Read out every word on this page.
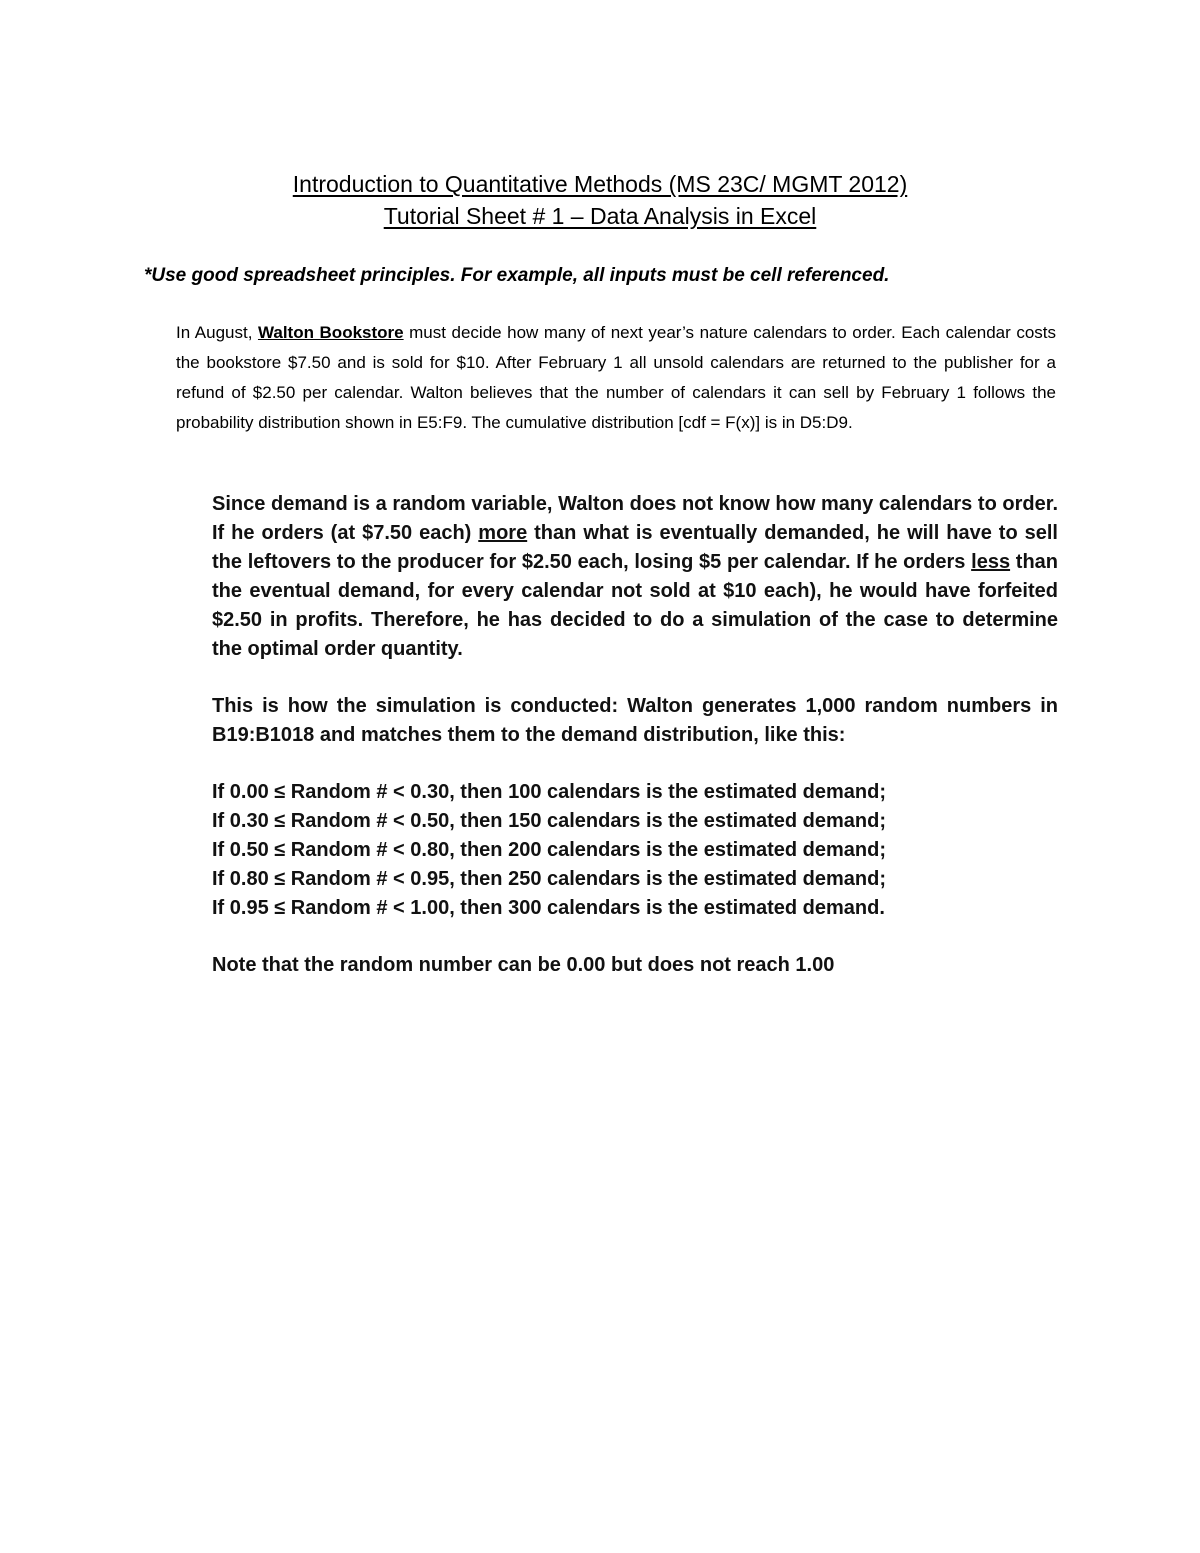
Introduction to Quantitative Methods (MS 23C/ MGMT 2012)
Tutorial Sheet # 1 – Data Analysis in Excel
*Use good spreadsheet principles. For example, all inputs must be cell referenced.
In August, Walton Bookstore must decide how many of next year’s nature calendars to order. Each calendar costs the bookstore $7.50 and is sold for $10. After February 1 all unsold calendars are returned to the publisher for a refund of $2.50 per calendar. Walton believes that the number of calendars it can sell by February 1 follows the probability distribution shown in E5:F9. The cumulative distribution [cdf = F(x)] is in D5:D9.

Since demand is a random variable, Walton does not know how many calendars to order. If he orders (at $7.50 each) more than what is eventually demanded, he will have to sell the leftovers to the producer for $2.50 each, losing $5 per calendar. If he orders less than the eventual demand, for every calendar not sold at $10 each), he would have forfeited $2.50 in profits. Therefore, he has decided to do a simulation of the case to determine the optimal order quantity.

This is how the simulation is conducted: Walton generates 1,000 random numbers in B19:B1018 and matches them to the demand distribution, like this:

If 0.00 ≤ Random # < 0.30, then 100 calendars is the estimated demand;
If 0.30 ≤ Random # < 0.50, then 150 calendars is the estimated demand;
If 0.50 ≤ Random # < 0.80, then 200 calendars is the estimated demand;
If 0.80 ≤ Random # < 0.95, then 250 calendars is the estimated demand;
If 0.95 ≤ Random # < 1.00, then 300 calendars is the estimated demand.

Note that the random number can be 0.00 but does not reach 1.00
